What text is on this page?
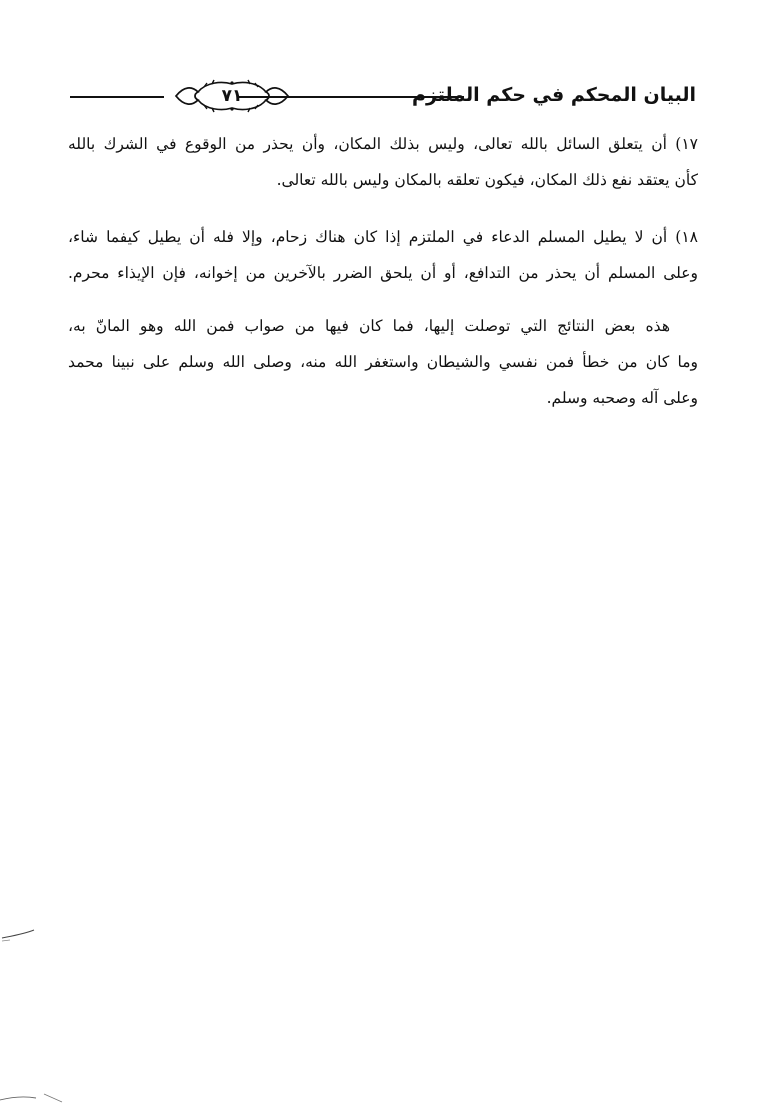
البيان المحكم في حكم الملتزم
٧١
١٧) أن يتعلق السائل بالله تعالى، وليس بذلك المكان، وأن يحذر من الوقوع في الشرك بالله
كأن يعتقد نفع ذلك المكان، فيكون تعلقه بالمكان وليس بالله تعالى.
١٨) أن لا يطيل المسلم الدعاء في الملتزم إذا كان هناك زحام، وإلا فله أن يطيل كيفما شاء،
وعلى المسلم أن يحذر من التدافع، أو أن يلحق الضرر بالآخرين من إخوانه، فإن الإيذاء محرم.
هذه بعض النتائج التي توصلت إليها، فما كان فيها من صواب فمن الله وهو المانّ به،
وما كان من خطأ فمن نفسي والشيطان واستغفر الله منه، وصلى الله وسلم على نبينا محمد
وعلى آله وصحبه وسلم.
